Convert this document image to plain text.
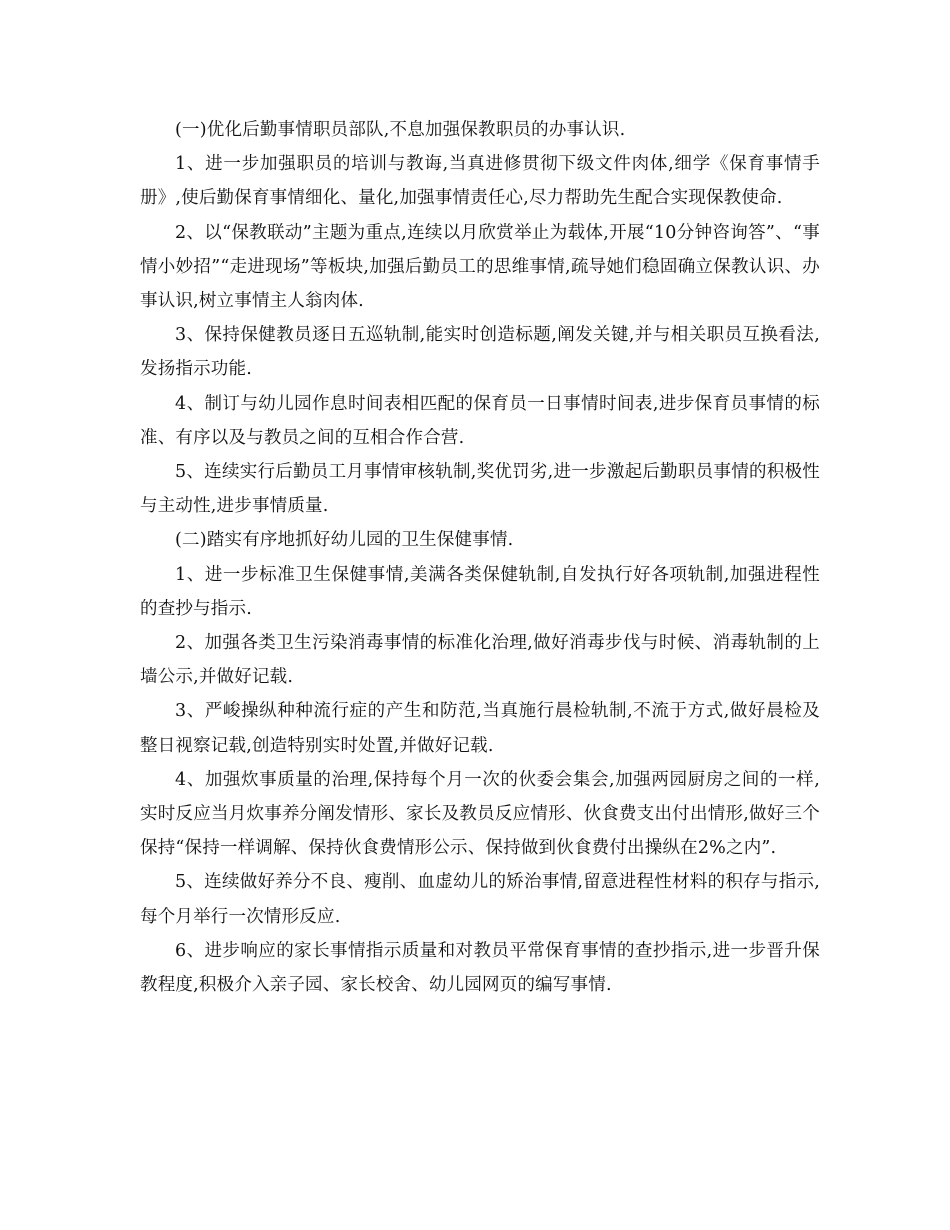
(一)优化后勤事情职员部队,不息加强保教职员的办事认识.

1、进一步加强职员的培训与教诲,当真进修贯彻下级文件肉体,细学《保育事情手册》,使后勤保育事情细化、量化,加强事情责任心,尽力帮助先生配合实现保教使命.

2、以“保教联动”主题为重点,连续以月欣赏举止为载体,开展“10分钟咨询答”、“事情小妙招”“走进现场”等板块,加强后勤员工的思维事情,疏导她们稳固确立保教认识、办事认识,树立事情主人翁肉体.

3、保持保健教员逐日五巡轨制,能实时创造标题,阐发关键,并与相关职员互换看法,发扬指示功能.

4、制订与幼儿园作息时间表相匹配的保育员一日事情时间表,进步保育员事情的标准、有序以及与教员之间的互相合作合营.

5、连续实行后勤员工月事情审核轨制,奖优罚劣,进一步激起后勤职员事情的积极性与主动性,进步事情质量.

(二)踏实有序地抓好幼儿园的卫生保健事情.

1、进一步标准卫生保健事情,美满各类保健轨制,自发执行好各项轨制,加强进程性的查抄与指示.

2、加强各类卫生污染消毒事情的标准化治理,做好消毒步伐与时候、消毒轨制的上墙公示,并做好记载.

3、严峻操纵种种流行症的产生和防范,当真施行晨检轨制,不流于方式,做好晨检及整日视察记载,创造特别实时处置,并做好记载.

4、加强炊事质量的治理,保持每个月一次的伙委会集会,加强两园厨房之间的一样,实时反应当月炊事养分阐发情形、家长及教员反应情形、伙食费支出付出情形,做好三个保持“保持一样调解、保持伙食费情形公示、保持做到伙食费付出操纵在2%之内”.

5、连续做好养分不良、瘦削、血虚幼儿的矫治事情,留意进程性材料的积存与指示,每个月举行一次情形反应.

6、进步响应的家长事情指示质量和对教员平常保育事情的查抄指示,进一步晋升保教程度,积极介入亲子园、家长校舍、幼儿园网页的编写事情.
